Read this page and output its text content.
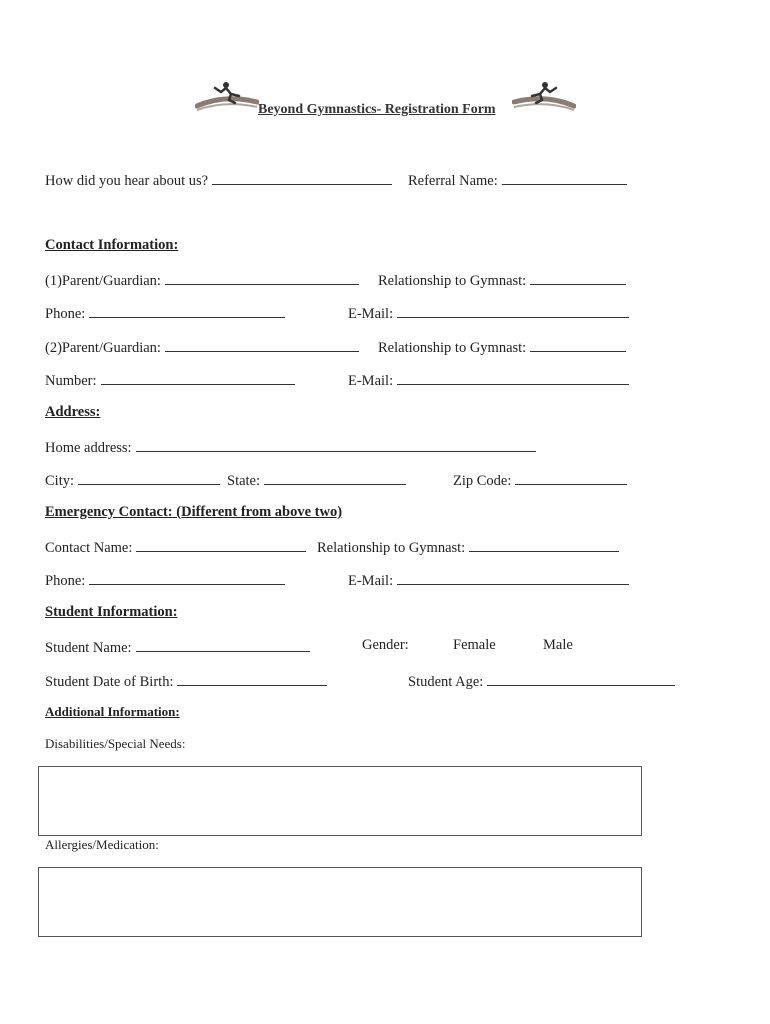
Beyond Gymnastics- Registration Form
How did you hear about us?	Referral Name:
Contact Information:
(1)Parent/Guardian:	Relationship to Gymnast:
Phone:	E-Mail:
(2)Parent/Guardian:	Relationship to Gymnast:
Number:	E-Mail:
Address:
Home address:
City:	State:	Zip Code:
Emergency Contact: (Different from above two)
Contact Name:	Relationship to Gymnast:
Phone:	E-Mail:
Student Information:
Student Name:	Gender:	Female	Male
Student Date of Birth:	Student Age:
Additional Information:
Disabilities/Special Needs:
Allergies/Medication:
